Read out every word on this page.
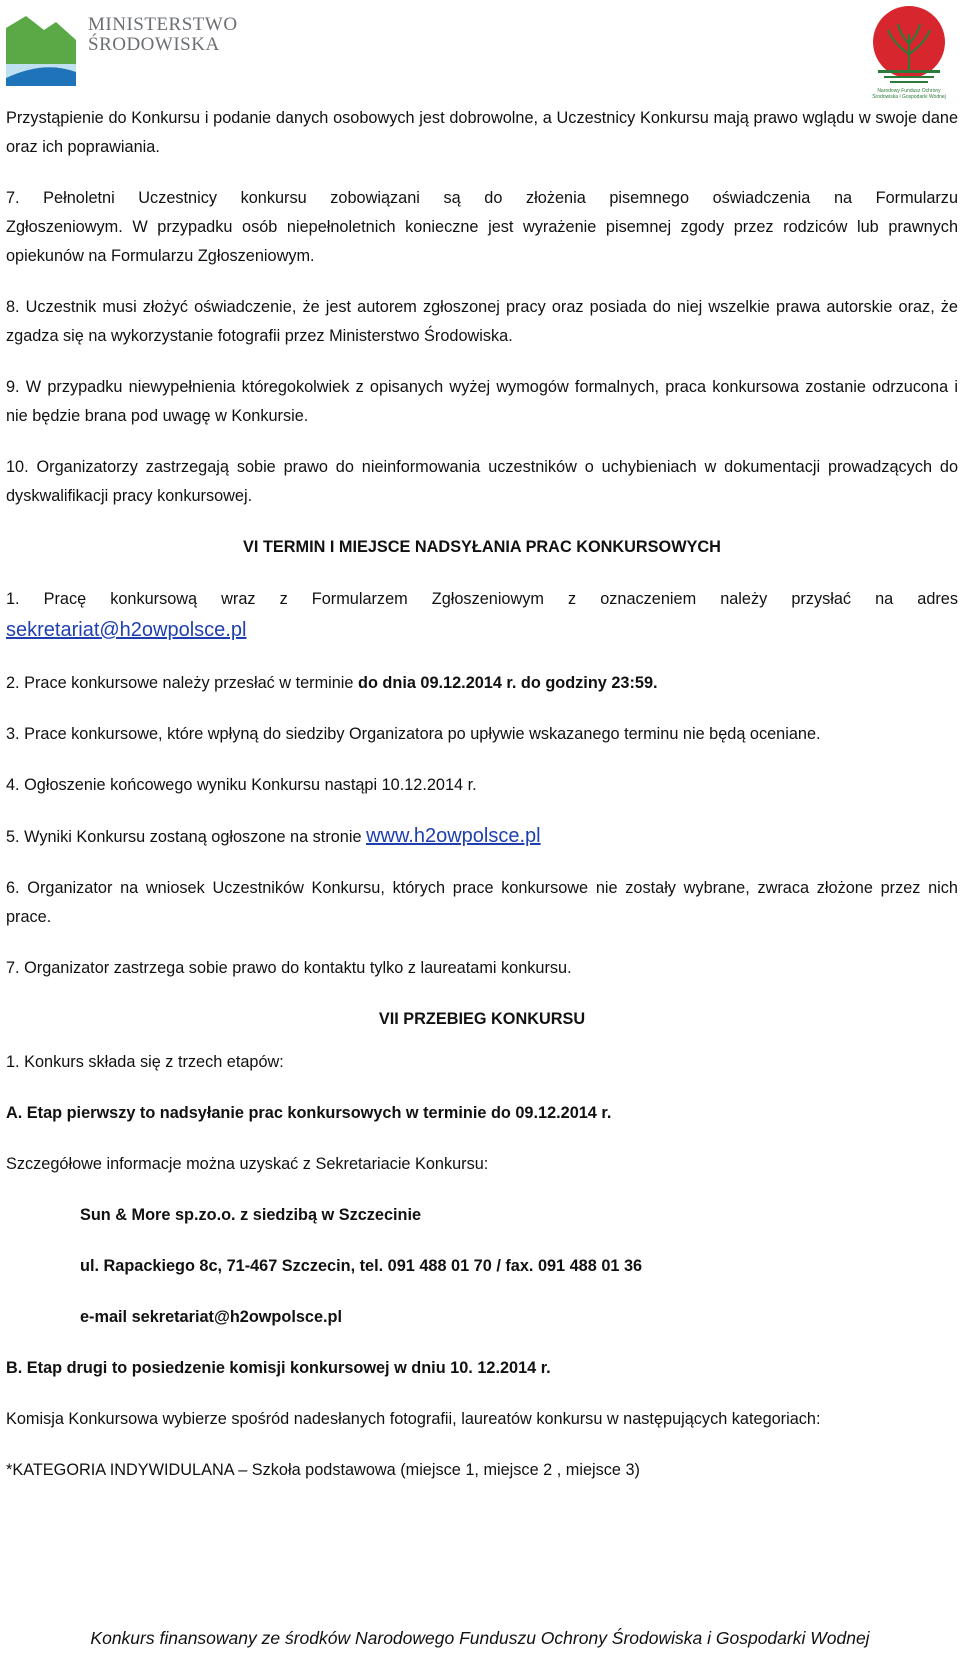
MINISTERSTWO
ŚRODOWISKA
Narodowy Fundusz Ochrony Środowiska i Gospodarki Wodnej

Przystąpienie do Konkursu i podanie danych osobowych jest dobrowolne, a Uczestnicy Konkursu mają prawo wglądu w swoje dane oraz ich poprawiania.

7. Pełnoletni Uczestnicy konkursu zobowiązani są do złożenia pisemnego oświadczenia na Formularzu
Zgłoszeniowym. W przypadku osób niepełnoletnich konieczne jest wyrażenie pisemnej zgody przez rodziców lub prawnych opiekunów na Formularzu Zgłoszeniowym.

8. Uczestnik musi złożyć oświadczenie, że jest autorem zgłoszonej pracy oraz posiada do niej wszelkie prawa autorskie oraz, że zgadza się na wykorzystanie fotografii przez Ministerstwo Środowiska.

9. W przypadku niewypełnienia któregokolwiek z opisanych wyżej wymogów formalnych, praca konkursowa zostanie odrzucona i nie będzie brana pod uwagę w Konkursie.

10. Organizatorzy zastrzegają sobie prawo do nieinformowania uczestników o uchybieniach w dokumentacji prowadzących do dyskwalifikacji pracy konkursowej.

VI TERMIN I MIEJSCE NADSYŁANIA PRAC KONKURSOWYCH

1. Pracę konkursową wraz z Formularzem Zgłoszeniowym z oznaczeniem należy przysłać na adres
sekretariat@h2owpolsce.pl

2. Prace konkursowe należy przesłać w terminie do dnia 09.12.2014 r. do godziny 23:59.

3. Prace konkursowe, które wpłyną do siedziby Organizatora po upływie wskazanego terminu nie będą oceniane.

4. Ogłoszenie końcowego wyniku Konkursu nastąpi 10.12.2014 r.

5. Wyniki Konkursu zostaną ogłoszone na stronie www.h2owpolsce.pl

6. Organizator na wniosek Uczestników Konkursu, których prace konkursowe nie zostały wybrane, zwraca złożone przez nich prace.

7. Organizator zastrzega sobie prawo do kontaktu tylko z laureatami konkursu.

VII PRZEBIEG KONKURSU

1. Konkurs składa się z trzech etapów:

A. Etap pierwszy to nadsyłanie prac konkursowych w terminie do 09.12.2014 r.

Szczegółowe informacje można uzyskać z Sekretariacie Konkursu:

Sun & More sp.zo.o. z siedzibą w Szczecinie

ul. Rapackiego 8c, 71-467 Szczecin, tel. 091 488 01 70 / fax. 091 488 01 36

e-mail sekretariat@h2owpolsce.pl

B. Etap drugi to posiedzenie komisji konkursowej w dniu 10. 12.2014 r.

Komisja Konkursowa wybierze spośród nadesłanych fotografii, laureatów konkursu w następujących kategoriach:

*KATEGORIA INDYWIDULANA – Szkoła podstawowa (miejsce 1, miejsce 2 , miejsce 3)

Konkurs finansowany ze środków Narodowego Funduszu Ochrony Środowiska i Gospodarki Wodnej
